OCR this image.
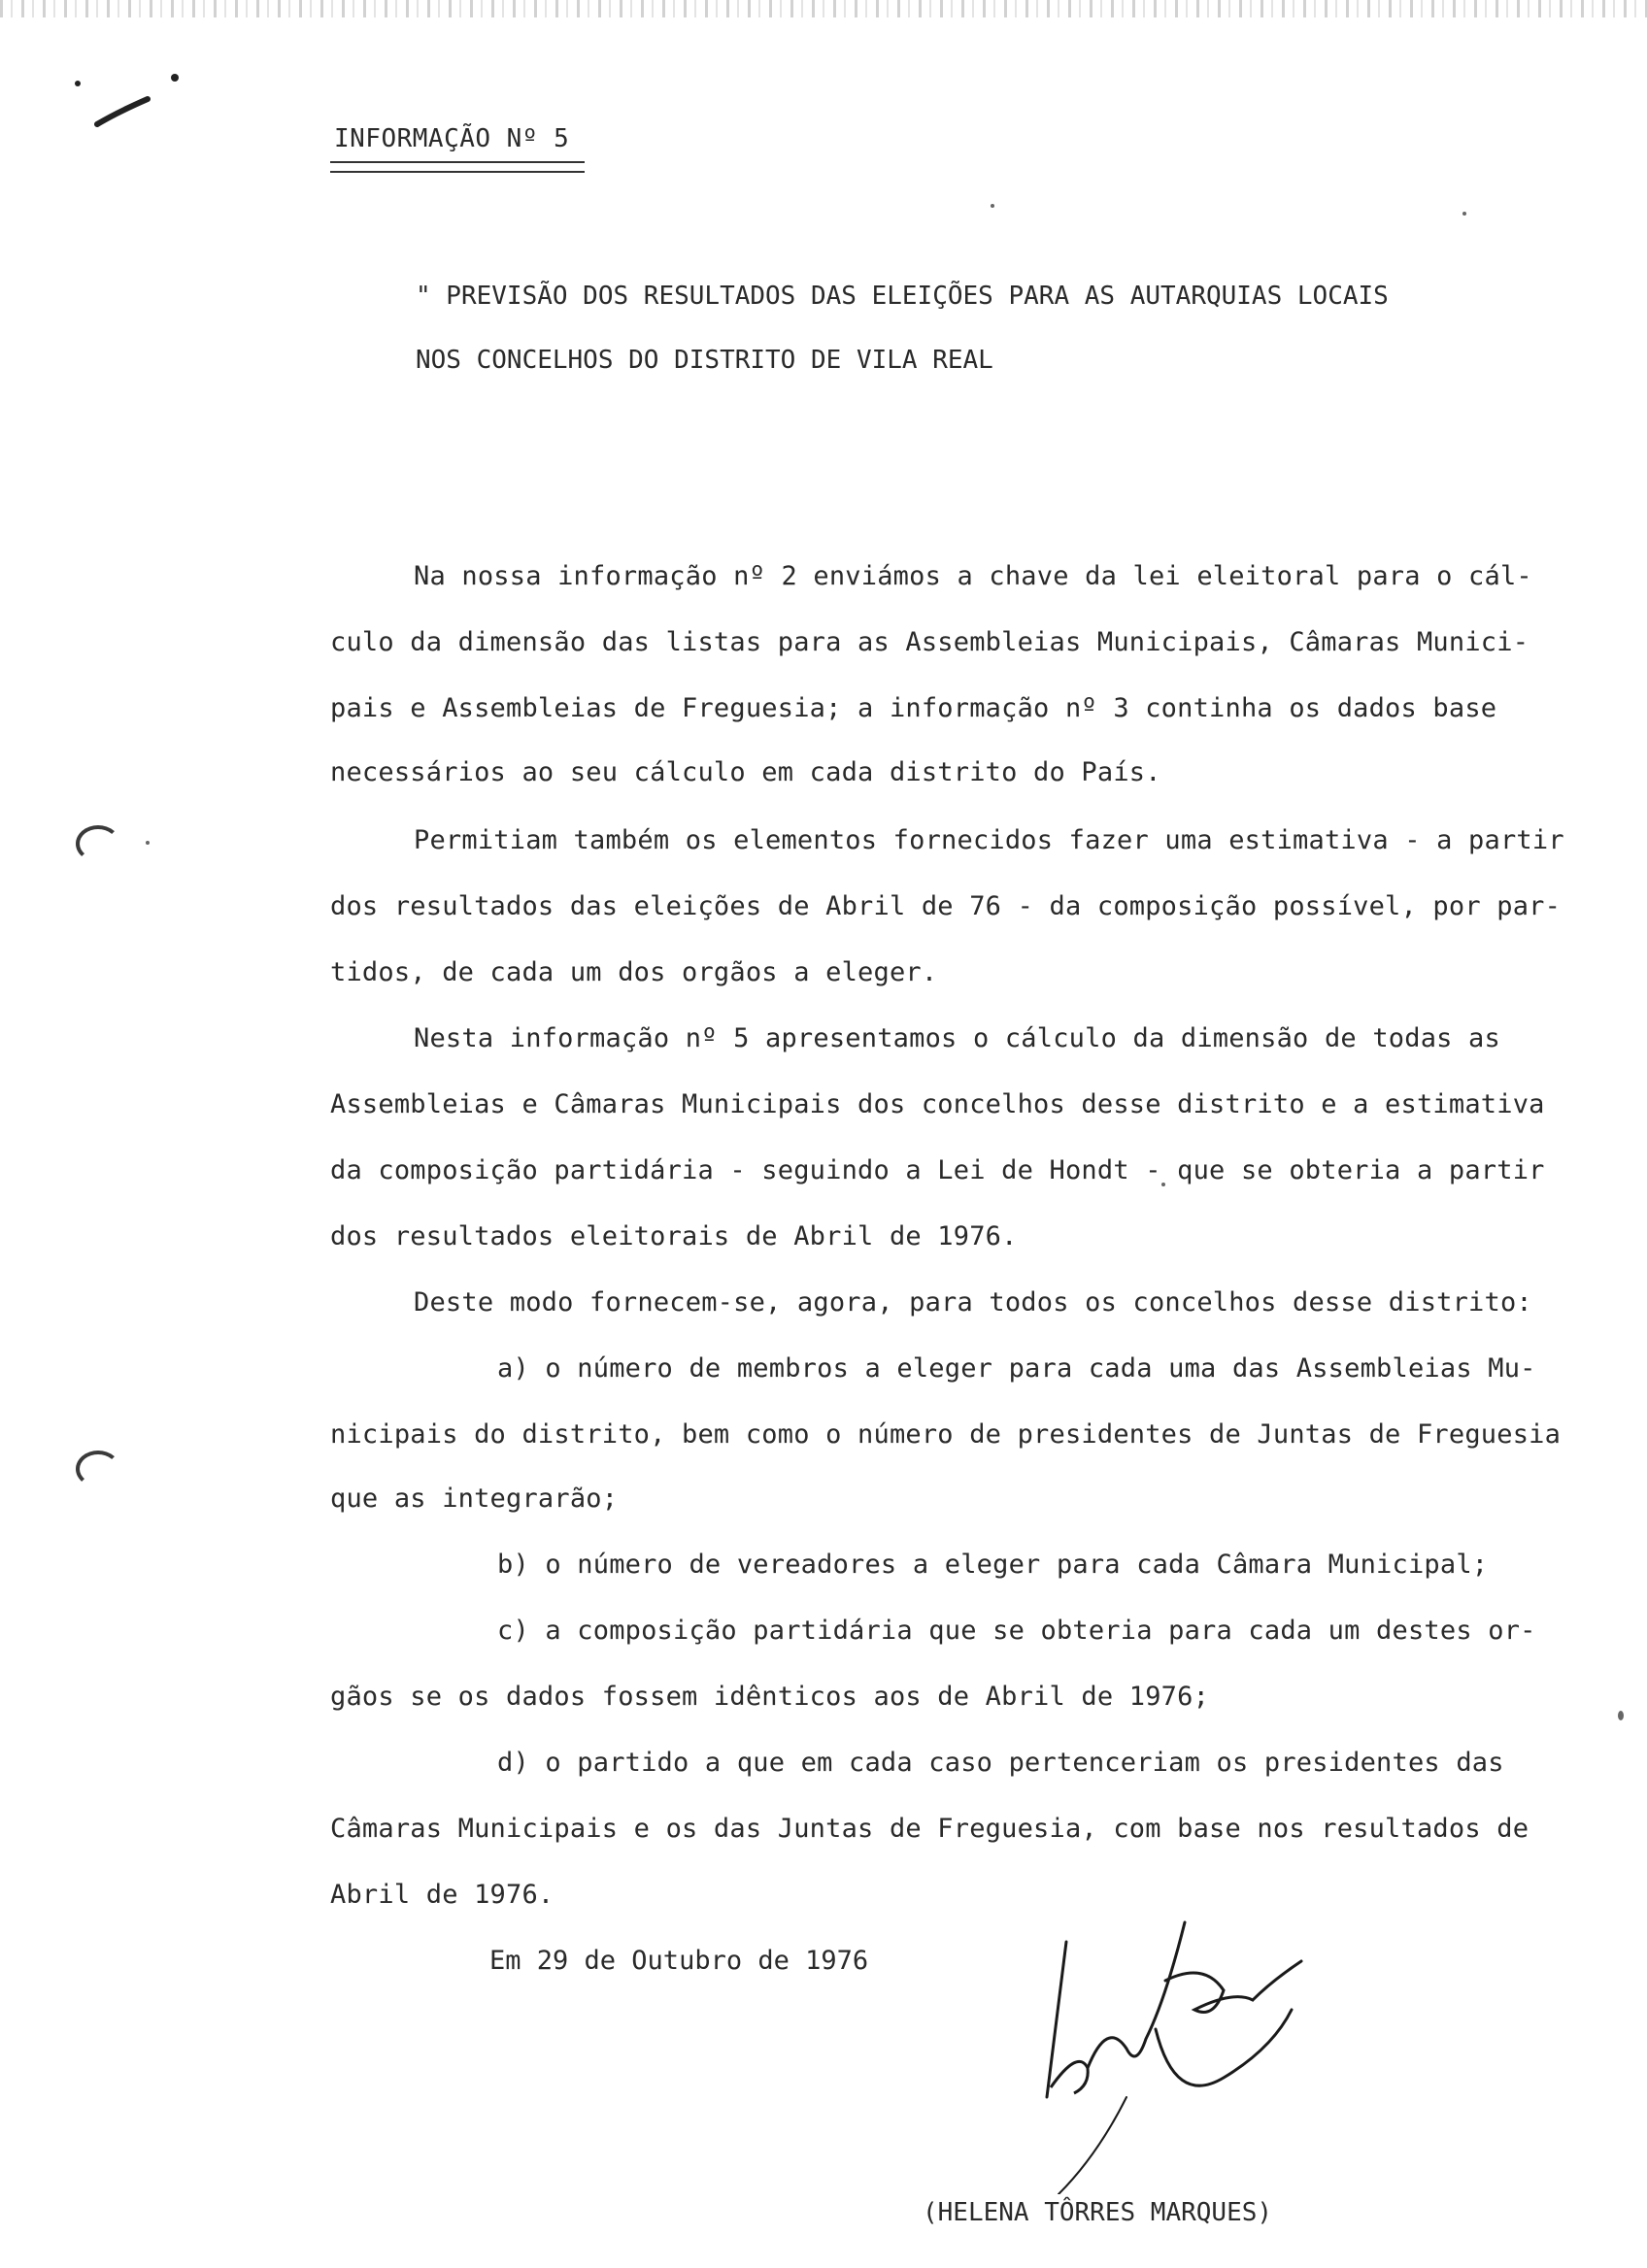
INFORMAÇÃO Nº 5
" PREVISÃO DOS RESULTADOS DAS ELEIÇÕES PARA AS AUTARQUIAS LOCAIS
NOS CONCELHOS DO DISTRITO DE VILA REAL
Na nossa informação nº 2 enviámos a chave da lei eleitoral para o cál-
culo da dimensão das listas para as Assembleias Municipais, Câmaras Munici-
pais e Assembleias de Freguesia; a informação nº 3 continha os dados base
necessários ao seu cálculo em cada distrito do País.
Permitiam também os elementos fornecidos fazer uma estimativa - a partir
dos resultados das eleições de Abril de 76 - da composição possível, por par-
tidos, de cada um dos orgãos a eleger.
Nesta informação nº 5 apresentamos o cálculo da dimensão de todas as
Assembleias e Câmaras Municipais dos concelhos desse distrito e a estimativa
da composição partidária - seguindo a Lei de Hondt - que se obteria a partir
dos resultados eleitorais de Abril de 1976.
Deste modo fornecem-se, agora, para todos os concelhos desse distrito:
a) o número de membros a eleger para cada uma das Assembleias Mu-
nicipais do distrito, bem como o número de presidentes de Juntas de Freguesia
que as integrarão;
b) o número de vereadores a eleger para cada Câmara Municipal;
c) a composição partidária que se obteria para cada um destes or-
gãos se os dados fossem idênticos aos de Abril de 1976;
d) o partido a que em cada caso pertenceriam os presidentes das
Câmaras Municipais e os das Juntas de Freguesia, com base nos resultados de
Abril de 1976.
Em 29 de Outubro de 1976
(HELENA TÔRRES MARQUES)
